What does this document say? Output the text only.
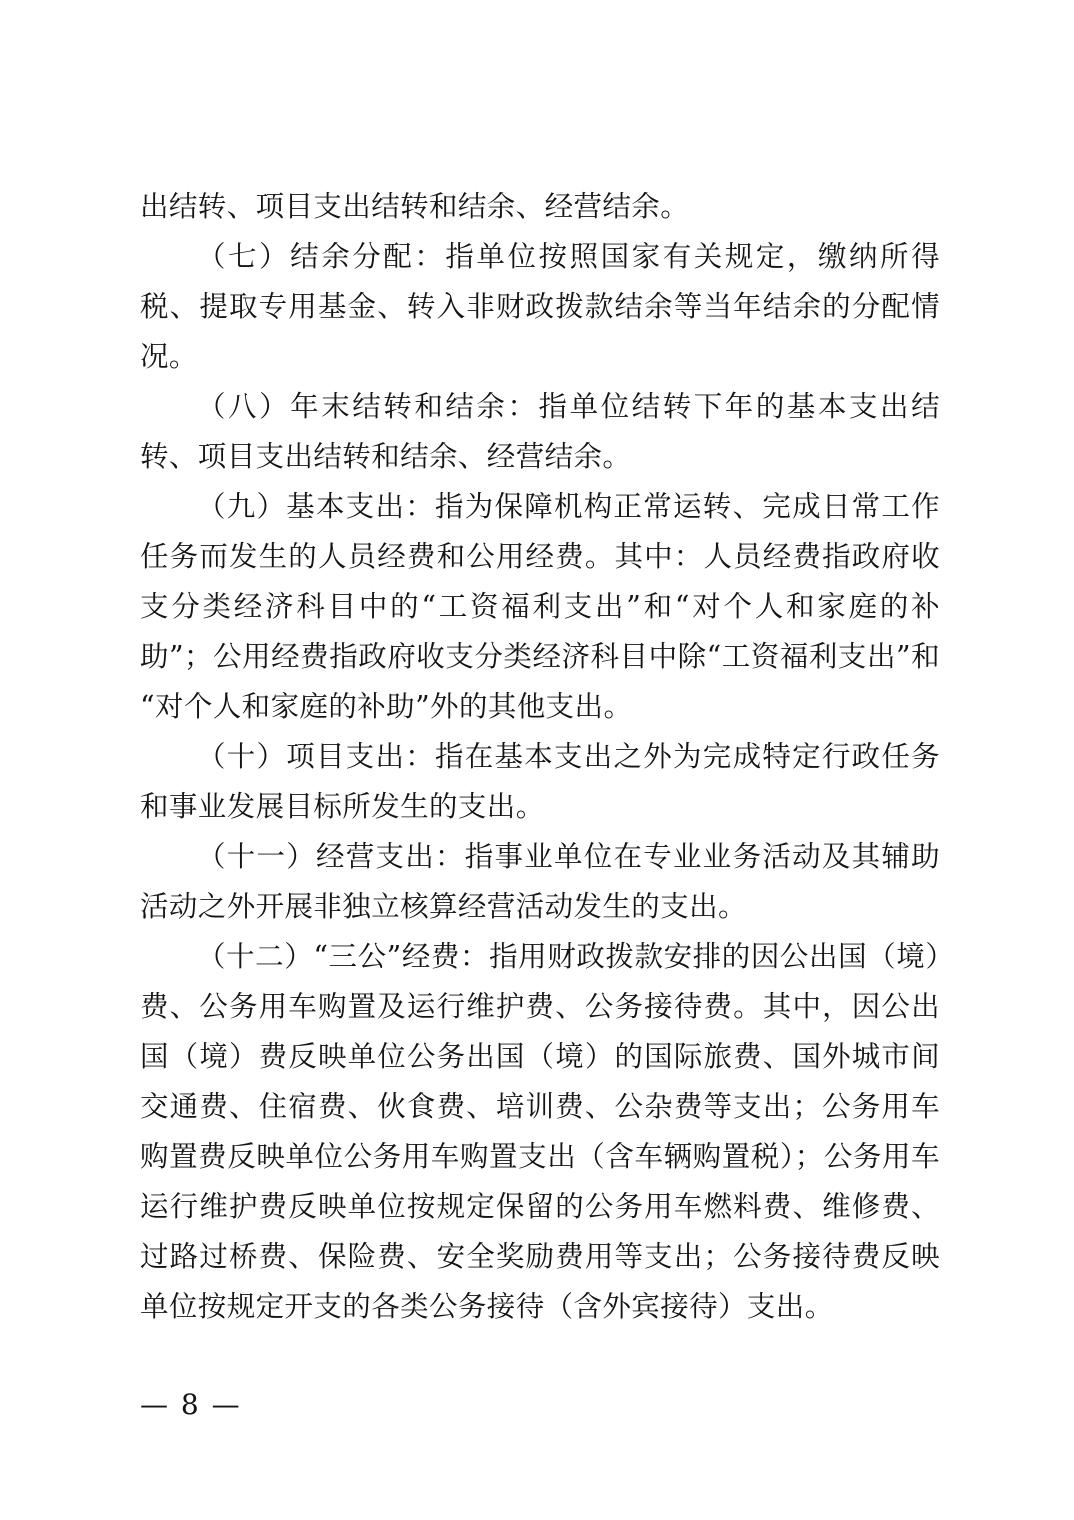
出结转、项目支出结转和结余、经营结余。

（七）结余分配：指单位按照国家有关规定，缴纳所得税、提取专用基金、转入非财政拨款结余等当年结余的分配情况。

（八）年末结转和结余：指单位结转下年的基本支出结转、项目支出结转和结余、经营结余。

（九）基本支出：指为保障机构正常运转、完成日常工作任务而发生的人员经费和公用经费。其中：人员经费指政府收支分类经济科目中的“工资福利支出”和“对个人和家庭的补助”；公用经费指政府收支分类经济科目中除“工资福利支出”和“对个人和家庭的补助”外的其他支出。

（十）项目支出：指在基本支出之外为完成特定行政任务和事业发展目标所发生的支出。

（十一）经营支出：指事业单位在专业业务活动及其辅助活动之外开展非独立核算经营活动发生的支出。

（十二）“三公”经费：指用财政拨款安排的因公出国（境）费、公务用车购置及运行维护费、公务接待费。其中，因公出国（境）费反映单位公务出国（境）的国际旅费、国外城市间交通费、住宿费、伙食费、培训费、公杂费等支出；公务用车购置费反映单位公务用车购置支出（含车辆购置税）；公务用车运行维护费反映单位按规定保留的公务用车燃料费、维修费、过路过桥费、保险费、安全奖励费用等支出；公务接待费反映单位按规定开支的各类公务接待（含外宾接待）支出。

— 8 —
